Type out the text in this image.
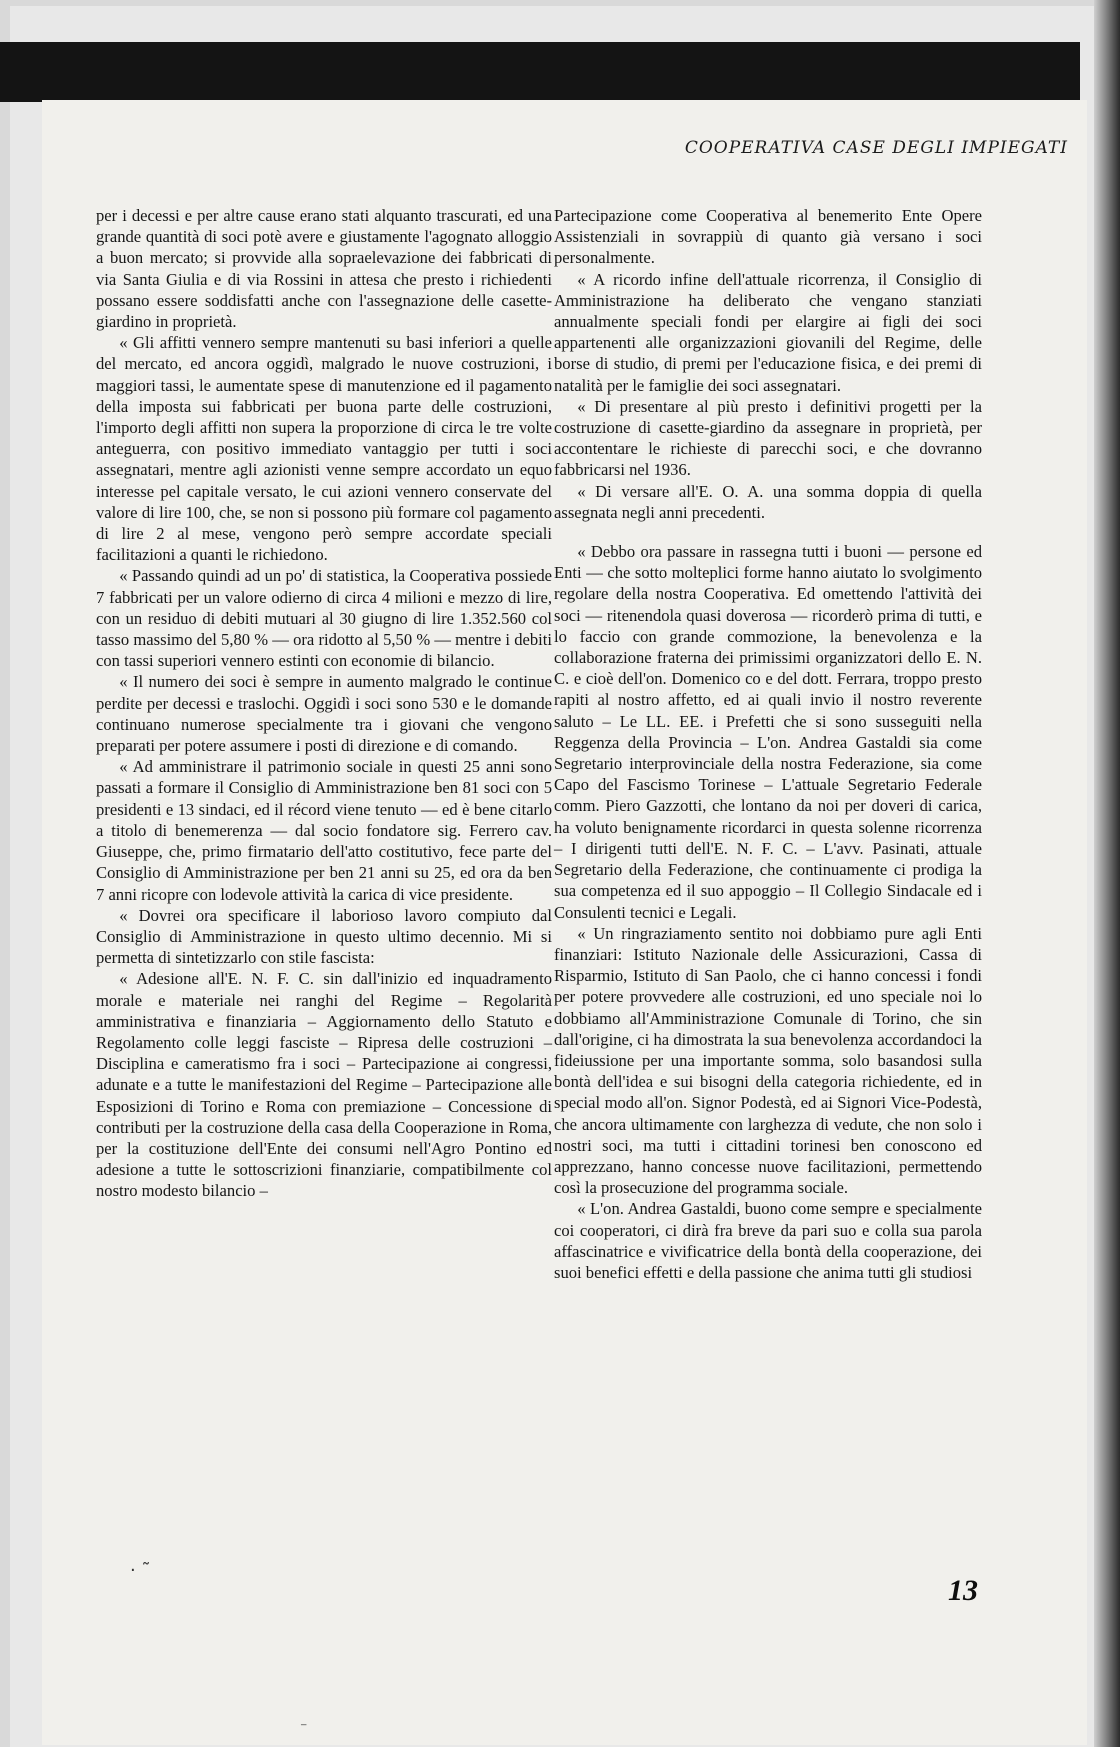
COOPERATIVA CASE DEGLI IMPIEGATI

per i decessi e per altre cause erano stati alquanto trascurati, ed una grande quantità di soci potè avere e giustamente l'agognato alloggio a buon mercato; si provvide alla sopraelevazione dei fabbricati di via Santa Giulia e di via Rossini in attesa che presto i richiedenti possano essere soddisfatti anche con l'assegnazione delle casette-giardino in proprietà.

« Gli affitti vennero sempre mantenuti su basi inferiori a quelle del mercato, ed ancora oggidì, malgrado le nuove costruzioni, i maggiori tassi, le aumentate spese di manutenzione ed il pagamento della imposta sui fabbricati per buona parte delle costruzioni, l'importo degli affitti non supera la proporzione di circa le tre volte anteguerra, con positivo immediato vantaggio per tutti i soci assegnatari, mentre agli azionisti venne sempre accordato un equo interesse pel capitale versato, le cui azioni vennero conservate del valore di lire 100, che, se non si possono più formare col pagamento di lire 2 al mese, vengono però sempre accordate speciali facilitazioni a quanti le richiedono.

« Passando quindi ad un po' di statistica, la Cooperativa possiede 7 fabbricati per un valore odierno di circa 4 milioni e mezzo di lire, con un residuo di debiti mutuari al 30 giugno di lire 1.352.560 col tasso massimo del 5,80 % — ora ridotto al 5,50 % — mentre i debiti con tassi superiori vennero estinti con economie di bilancio.

« Il numero dei soci è sempre in aumento malgrado le continue perdite per decessi e traslochi. Oggidì i soci sono 530 e le domande continuano numerose specialmente tra i giovani che vengono preparati per potere assumere i posti di direzione e di comando.

« Ad amministrare il patrimonio sociale in questi 25 anni sono passati a formare il Consiglio di Amministrazione ben 81 soci con 5 presidenti e 13 sindaci, ed il récord viene tenuto — ed è bene citarlo a titolo di benemerenza — dal socio fondatore sig. Ferrero cav. Giuseppe, che, primo firmatario dell'atto costitutivo, fece parte del Consiglio di Amministrazione per ben 21 anni su 25, ed ora da ben 7 anni ricopre con lodevole attività la carica di vice presidente.

« Dovrei ora specificare il laborioso lavoro compiuto dal Consiglio di Amministrazione in questo ultimo decennio. Mi si permetta di sintetizzarlo con stile fascista:

« Adesione all'E. N. F. C. sin dall'inizio ed inquadramento morale e materiale nei ranghi del Regime – Regolarità amministrativa e finanziaria – Aggiornamento dello Statuto e Regolamento colle leggi fasciste – Ripresa delle costruzioni – Disciplina e cameratismo fra i soci – Partecipazione ai congressi, adunate e a tutte le manifestazioni del Regime – Partecipazione alle Esposizioni di Torino e Roma con premiazione – Concessione di contributi per la costruzione della casa della Cooperazione in Roma, per la costituzione dell'Ente dei consumi nell'Agro Pontino ed adesione a tutte le sottoscrizioni finanziarie, compatibilmente col nostro modesto bilancio –

Partecipazione come Cooperativa al benemerito Ente Opere Assistenziali in sovrappiù di quanto già versano i soci personalmente.

« A ricordo infine dell'attuale ricorrenza, il Consiglio di Amministrazione ha deliberato che vengano stanziati annualmente speciali fondi per elargire ai figli dei soci appartenenti alle organizzazioni giovanili del Regime, delle borse di studio, di premi per l'educazione fisica, e dei premi di natalità per le famiglie dei soci assegnatari.

« Di presentare al più presto i definitivi progetti per la costruzione di casette-giardino da assegnare in proprietà, per accontentare le richieste di parecchi soci, e che dovranno fabbricarsi nel 1936.

« Di versare all'E. O. A. una somma doppia di quella assegnata negli anni precedenti.

« Debbo ora passare in rassegna tutti i buoni — persone ed Enti — che sotto molteplici forme hanno aiutato lo svolgimento regolare della nostra Cooperativa. Ed omettendo l'attività dei soci — ritenendola quasi doverosa — ricorderò prima di tutti, e lo faccio con grande commozione, la benevolenza e la collaborazione fraterna dei primissimi organizzatori dello E. N. C. e cioè dell'on. Domenico co e del dott. Ferrara, troppo presto rapiti al nostro affetto, ed ai quali invio il nostro reverente saluto – Le LL. EE. i Prefetti che si sono susseguiti nella Reggenza della Provincia – L'on. Andrea Gastaldi sia come Segretario interprovinciale della nostra Federazione, sia come Capo del Fascismo Torinese – L'attuale Segretario Federale comm. Piero Gazzotti, che lontano da noi per doveri di carica, ha voluto benignamente ricordarci in questa solenne ricorrenza – I dirigenti tutti dell'E. N. F. C. – L'avv. Pasinati, attuale Segretario della Federazione, che continuamente ci prodiga la sua competenza ed il suo appoggio – Il Collegio Sindacale ed i Consulenti tecnici e Legali.

« Un ringraziamento sentito noi dobbiamo pure agli Enti finanziari: Istituto Nazionale delle Assicurazioni, Cassa di Risparmio, Istituto di San Paolo, che ci hanno concessi i fondi per potere provvedere alle costruzioni, ed uno speciale noi lo dobbiamo all'Amministrazione Comunale di Torino, che sin dall'origine, ci ha dimostrata la sua benevolenza accordandoci la fideiussione per una importante somma, solo basandosi sulla bontà dell'idea e sui bisogni della categoria richiedente, ed in special modo all'on. Signor Podestà, ed ai Signori Vice-Podestà, che ancora ultimamente con larghezza di vedute, che non solo i nostri soci, ma tutti i cittadini torinesi ben conoscono ed apprezzano, hanno concesse nuove facilitazioni, permettendo così la prosecuzione del programma sociale.

« L'on. Andrea Gastaldi, buono come sempre e specialmente coi cooperatori, ci dirà fra breve da pari suo e colla sua parola affascinatrice e vivificatrice della bontà della cooperazione, dei suoi benefici effetti e della passione che anima tutti gli studiosi

13
· ˜
⁻
